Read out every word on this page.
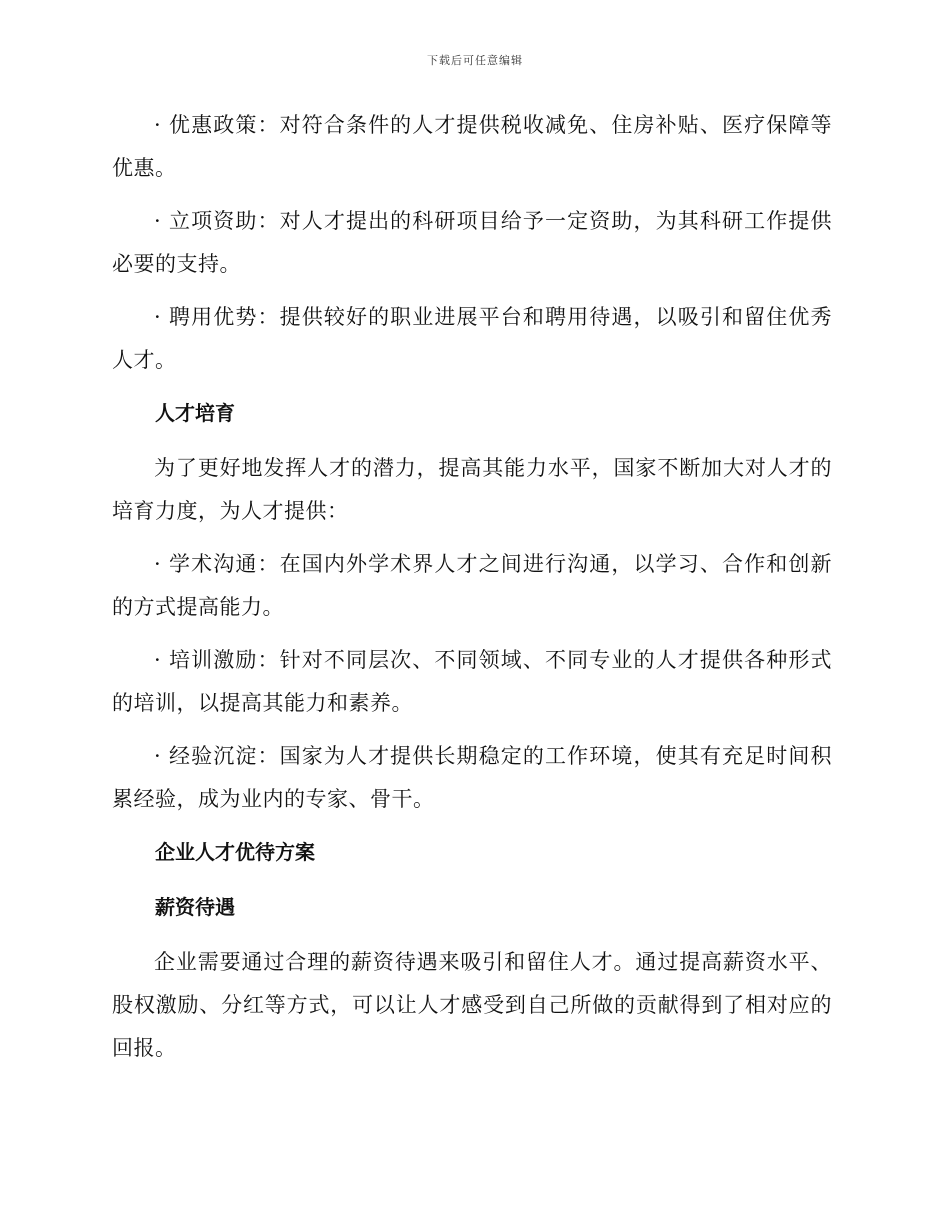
下载后可任意编辑

· 优惠政策：对符合条件的人才提供税收减免、住房补贴、医疗保障等优惠。

· 立项资助：对人才提出的科研项目给予一定资助，为其科研工作提供必要的支持。

· 聘用优势：提供较好的职业进展平台和聘用待遇，以吸引和留住优秀人才。

人才培育

为了更好地发挥人才的潜力，提高其能力水平，国家不断加大对人才的培育力度，为人才提供：

· 学术沟通：在国内外学术界人才之间进行沟通，以学习、合作和创新的方式提高能力。

· 培训激励：针对不同层次、不同领域、不同专业的人才提供各种形式的培训，以提高其能力和素养。

· 经验沉淀：国家为人才提供长期稳定的工作环境，使其有充足时间积累经验，成为业内的专家、骨干。

企业人才优待方案
薪资待遇

企业需要通过合理的薪资待遇来吸引和留住人才。通过提高薪资水平、股权激励、分红等方式，可以让人才感受到自己所做的贡献得到了相对应的回报。
